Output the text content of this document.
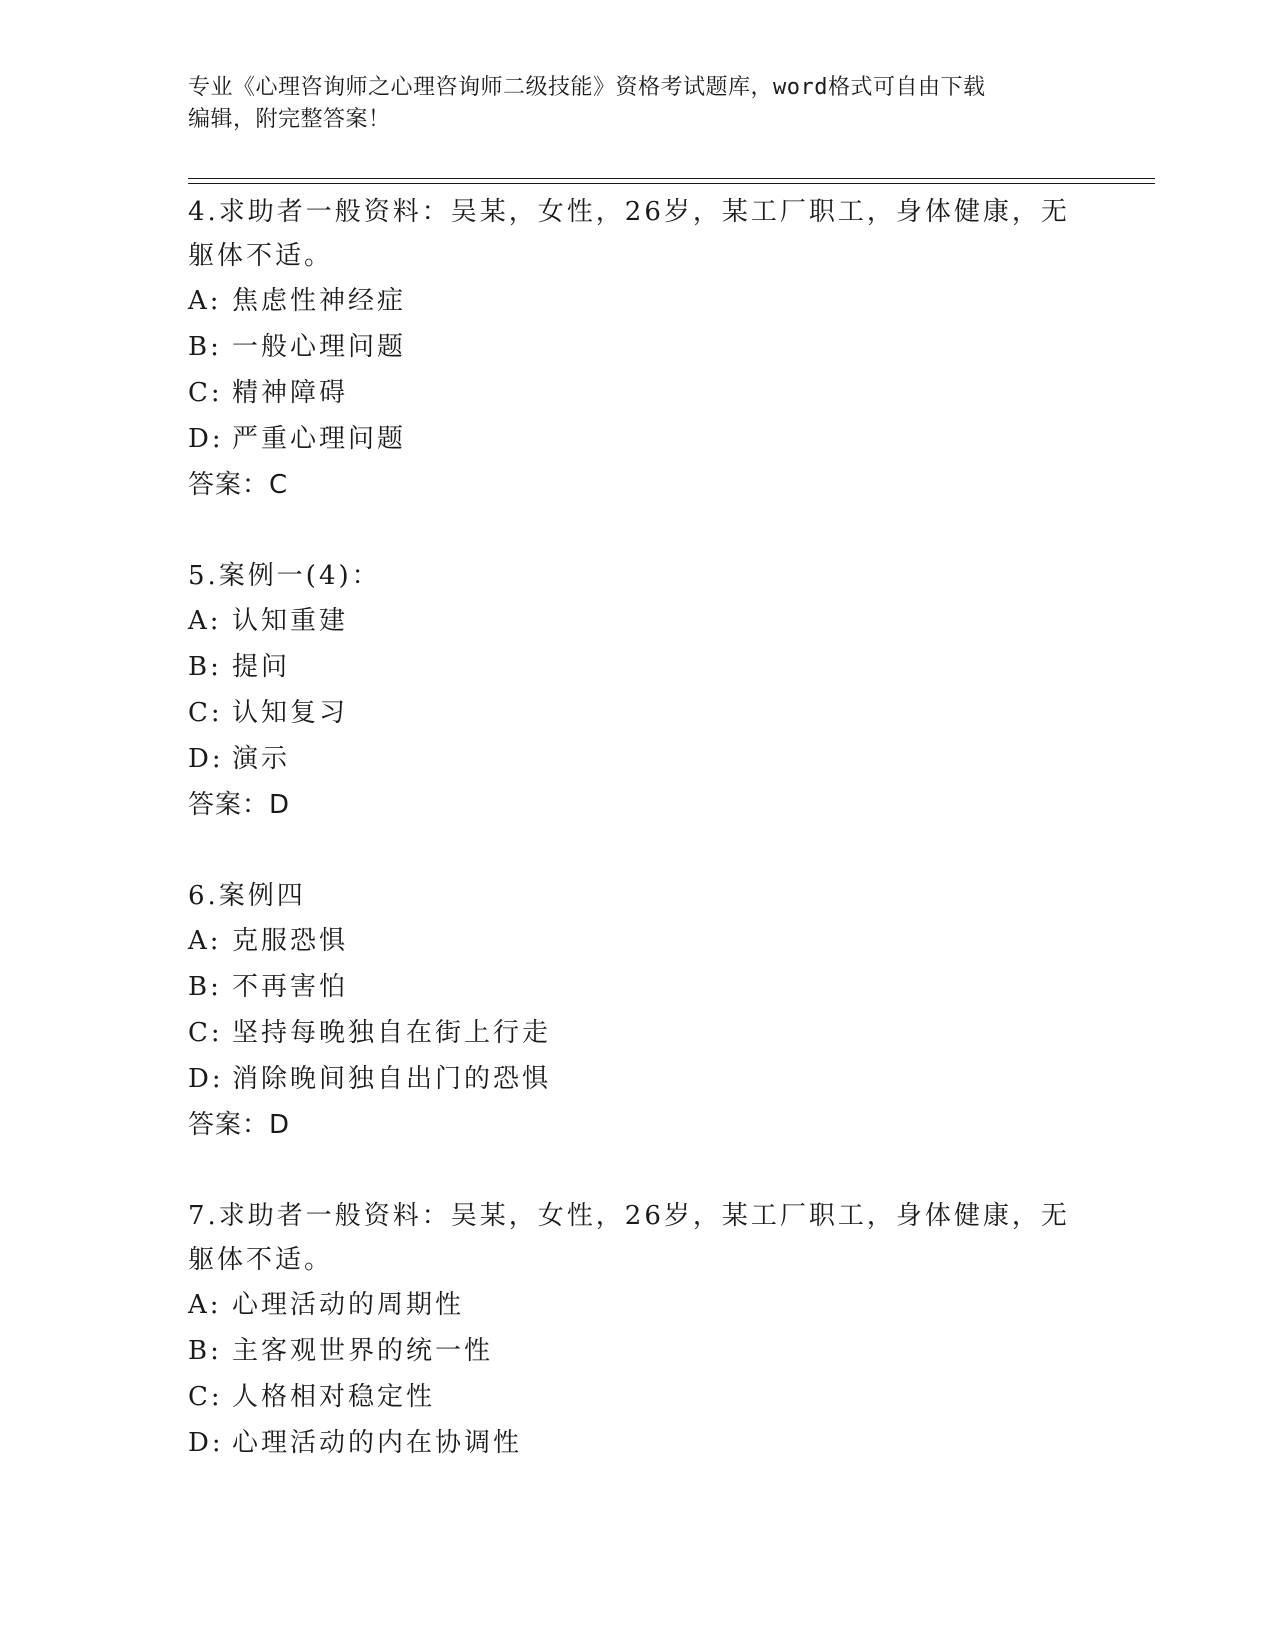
专业《心理咨询师之心理咨询师二级技能》资格考试题库，word格式可自由下载
编辑，附完整答案！
4.求助者一般资料：吴某，女性，26岁，某工厂职工，身体健康，无
躯体不适。
A: 焦虑性神经症
B: 一般心理问题
C: 精神障碍
D: 严重心理问题
答案：C
5.案例一(4)：
A: 认知重建
B: 提问
C: 认知复习
D: 演示
答案：D
6.案例四
A: 克服恐惧
B: 不再害怕
C: 坚持每晚独自在街上行走
D: 消除晚间独自出门的恐惧
答案：D
7.求助者一般资料：吴某，女性，26岁，某工厂职工，身体健康，无
躯体不适。
A: 心理活动的周期性
B: 主客观世界的统一性
C: 人格相对稳定性
D: 心理活动的内在协调性
